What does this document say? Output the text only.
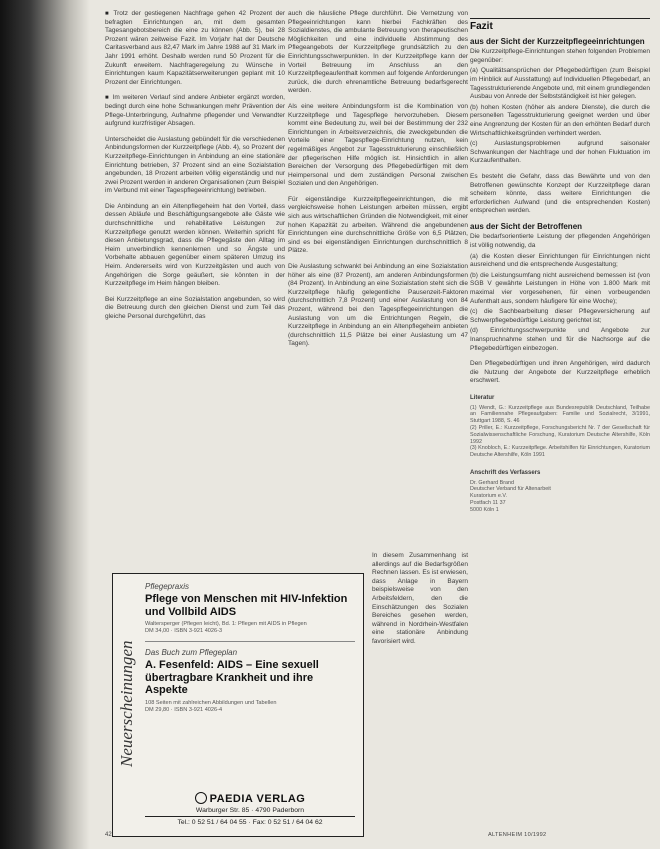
■ Trotz der gestiegenen Nachfrage gehen 42 Prozent der befragten Einrichtungen an, mit dem gesamten Tagesangebotsbereich die eine zu können (Abb. 5), bei 28 Prozent wären zeitweise Fazit. Im Vorjahr hat der Deutsche Caritasverband aus 82,47 Mark im Jahre 1988 auf 31 Mark im Jahr 1991 erhöht. Deshalb werden rund 50 Prozent für die Zukunft erweitern. Nachfrageregelung zu Wünsche in Einrichtungen kaum Kapazitätserweiterungen geplant mit 10 Prozent der Einrichtungen.

■ Im weiteren Verlauf sind andere Anbieter ergänzt worden, bedingt durch eine hohe Schwankungen mehr Prävention der Pflege-Unterbringung, Aufnahme pflegender und Verwandter aufgrund kurzfristiger Absagen.

Unterscheidet die Auslastung gebündelt für die verschiedenen Anbindungsformen der Kurzzeitpflege (Abb. 4), so Prozent der Kurzzeitpflege-Einrichtungen in Anbindung an eine stationäre Einrichtung betrieben, 37 Prozent sind an eine Sozialstation angebunden, 18 Prozent arbeiten völlig eigenständig und nur zwei Prozent werden in anderen Organisationen (zum Beispiel im Verbund mit einer Tagespflegeeinrichtung) betrieben.

Die Anbindung an ein Altenpflegeheim hat den Vorteil, dass dessen Abläufe und Beschäftigungsangebote alle Gäste wie durchschnittliche und rehabilitative Leistungen zur Kurzzeitpflege genutzt werden können. Weiterhin spricht für diesen Anbietungsgrad, dass die Pflegegäste den Alltag im Heim unverbindlich kennenlernen und so Ängste und Vorbehalte abbauen gegenüber einem späteren Umzug ins Heim. Andererseits wird von Kurzzeitgästen und auch von Angehörigen die Sorge geäußert, sie könnten in der Kurzzeitpflege im Heim hängen bleiben.

Bei Kurzzeitpflege an eine Sozialstation angebunden, so wird die Betreuung durch den gleichen Dienst und zum Teil das gleiche Personal durchgeführt, das

auch die häusliche Pflege durchführt. Die Vernetzung von Pflegeeinrichtungen kann hierbei Fachkräften des Sozialdienstes, die ambulante Betreuung von therapeutischen Möglichkeiten und eine individuelle Abstimmung des Pflegeangebots der Kurzzeitpflege grundsätzlich zu den Einrichtungsschwerpunkten. In der Kurzzeitpflege kann der Vorteil Betreuung im Anschluss an den Kurzzeitpflegeaufenthalt kommen auf folgende Anforderungen zurück, die durch ehrenamtliche Betreuung bedarfsgerecht werden.

Als eine weitere Anbindungsform ist die Kombination von Kurzzeitpflege und Tagespflege hervorzuheben. Diesem kommt eine Bedeutung zu, weil bei der Bestimmung der 232 Einrichtungen in Arbeitsverzeichnis, die zweckgebunden die Vorteile einer Tagespflege-Einrichtung nutzen, kein regelmäßiges Angebot zur Tagesstrukturierung einschließlich der pflegerischen Hilfe möglich ist. Hinsichtlich in allen Bereichen der Versorgung des Pflegebedürftigen mit dem Heimpersonal und dem zuständigen Personal zwischen Sozialen und den Angehörigen.

Für eigenständige Kurzzeitpflegeeinrichtungen, die mit vergleichsweise hohen Leistungen arbeiten müssen, ergibt sich aus wirtschaftlichen Gründen die Notwendigkeit, mit einer hohen Kapazität zu arbeiten. Während die angebundenen Einrichtungen eine durchschnittliche Größe von 6,5 Plätzen, sind es bei eigenständigen Einrichtungen durchschnittlich 8 Plätze.

Die Auslastung schwankt bei Anbindung an eine Sozialstation höher als eine (87 Prozent), am anderen Anbindungsformen (84 Prozent). In Anbindung an eine Sozialstation steht sich die Kurzzeitpflege häufig gelegentliche Pausenzeit-Faktoren (durchschnittlich 7,8 Prozent) und einer Auslastung von 84 Prozent, während bei den Tagespflegeeinrichtungen die Auslastung von um die Entrichtungen Regeln, die Kurzzeitpflege in Anbindung an ein Altenpflegeheim anbieten (durchschnittlich 11,5 Plätze bei einer Auslastung um 47 Tagen).

In diesem Zusammenhang ist allerdings auf die Bedarfsgrößen Rechnen lassen. Es ist erwiesen, dass Anlage in Bayern beispielsweise von den Arbeitsfeldern, den die Einschätzungen des Sozialen Bereiches gesehen werden, während in Nordrhein-Westfalen eine stationäre Anbindung favorisiert wird.

Fazit
aus der Sicht der Kurzzeitpflegeeinrichtungen

Die Kurzzeitpflege-Einrichtungen stehen folgenden Problemen gegenüber:

(a) Qualitätsansprüchen der Pflegebedürftigen (zum Beispiel im Hinblick auf Ausstattung) auf Individuellen Pflegebedarf, an Tagesstrukturierende Angebote und, mit einem grundlegenden Ausbau von Anrede der Selbstständigkeit ist hier gelegen.

(b) hohen Kosten (höher als andere Dienste), die durch die personellen Tagesstrukturierung geeignet werden und über eine Angrenzung der Kosten für an den erhöhten Bedarf durch Wirtschaftlichkeitsgründen verhindert werden.

(c) Auslastungsproblemen aufgrund saisonaler Schwankungen der Nachfrage und der hohen Fluktuation im Kurzaufenthalten.

Es besteht die Gefahr, dass das Bewährte und von den Betroffenen gewünschte Konzept der Kurzzeitpflege daran scheitern könnte, dass weitere Einrichtungen die erforderlichen Aufwand (und die entsprechenden Kosten) entsprechen werden.

aus der Sicht der Betroffenen

Die bedarfsorientierte Leistung der pflegenden Angehörigen ist völlig notwendig, da

(a) die Kosten dieser Einrichtungen für Einrichtungen nicht ausreichend und die entsprechende Ausgestaltung;

(b) die Leistungsumfang nicht ausreichend bemessen ist (von SGB V gewährte Leistungen in Höhe von 1.800 Mark mit maximal vier vorgesehenen, für einen vorbeugenden Aufenthalt aus, sondern häufigere für eine Woche);

(c) die Sachbearbeitung dieser Pflegeversicherung auf Schwerpflegebedürftige Leistung gerichtet ist;

(d) Einrichtungsschwerpunkte und Angebote zur Inanspruchnahme stehen und für die Nachsorge auf die Pflegebedürftigen einbezogen.

Den Pflegebedürftigen und ihren Angehörigen, wird dadurch die Nutzung der Angebote der Kurzzeitpflege erheblich erschwert.

Literatur
(1) Wendt, G.: Kurzzeitpflege aus Bundesrepublik Deutschland, Teilhabe an Familiennahe Pflegeaufgaben: Familie und Sozialrecht, 3/1991, Stuttgart 1988, S. 46
(2) Priller, E.: Kurzzeitpflege, Forschungsbericht Nr. 7 der Gesellschaft für Sozialwissenschaftliche Forschung, Kuratorium Deutsche Altershilfe, Köln 1992
(3) Knobloch, E.: Kurzzeitpflege. Arbeitshilfen für Einrichtungen, Kuratorium Deutsche Altershilfe, Köln 1991
Anschrift des Verfassers
Dr. Gerhard Brand
Deutscher Verband für Altenarbeit
Kuratorium e.V.
Postfach 11 37
5000 Köln 1
Neuerscheinungen
Pflegepraxis
Pflege von Menschen mit HIV-Infektion und Vollbild AIDS

Waltersperger (Pflegen leicht), Bd. 1: Pflegen mit AIDS in Pflegen

DM 34,00 · ISBN 3-921 4026-3

Das Buch zum Pflegeplan
A. Fesenfeld: AIDS – Eine sexuell übertragbare Krankheit und ihre Aspekte

108 Seiten mit zahlreichen Abbildungen und Tabellen

DM 29,80 · ISBN 3-921 4026-4

PAEDIA VERLAG
Warburger Str. 85 · 4790 Paderborn
Tel.: 0 52 51 / 64 04 55 · Fax: 0 52 51 / 64 04 62
42	ALTENHEIM 10/1992
